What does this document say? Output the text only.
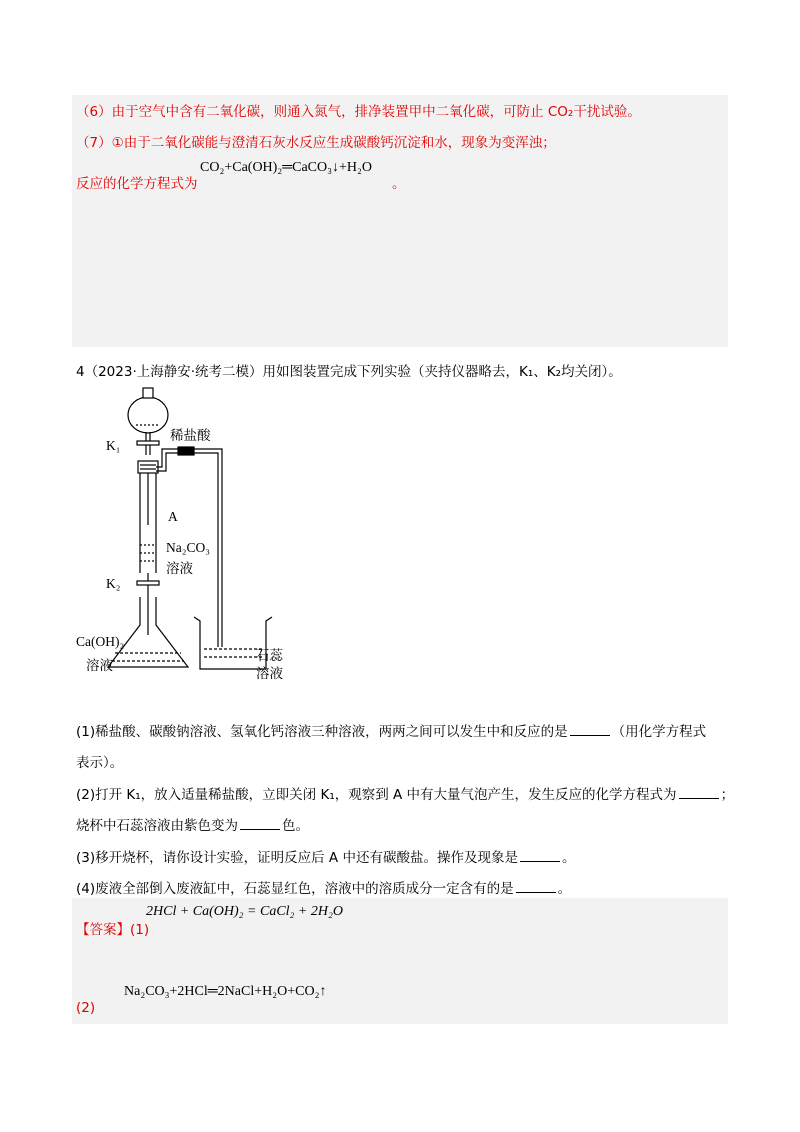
（6）由于空气中含有二氧化碳，则通入氮气，排净装置甲中二氧化碳，可防止 CO₂干扰试验。
（7）①由于二氧化碳能与澄清石灰水反应生成碳酸钙沉淀和水，现象为变浑浊；
CO₂+Ca(OH)₂═CaCO₃↓+H₂O
反应的化学方程式为	。
4（2023·上海静安·统考二模）用如图装置完成下列实验（夹持仪器略去，K₁、K₂均关闭）。
稀盐酸
K₁
A
Na₂CO₃
溶液
K₂
Ca(OH)₂
溶液
石蕊
溶液
(1)稀盐酸、碳酸钠溶液、氢氧化钙溶液三种溶液，两两之间可以发生中和反应的是	（用化学方程式
表示）。
(2)打开 K₁，放入适量稀盐酸，立即关闭 K₁，观察到 A 中有大量气泡产生，发生反应的化学方程式为	；
烧杯中石蕊溶液由紫色变为	色。
(3)移开烧杯，请你设计实验，证明反应后 A 中还有碳酸盐。操作及现象是	。
(4)废液全部倒入废液缸中，石蕊显红色，溶液中的溶质成分一定含有的是	。
【答案】(1)
2HCl + Ca(OH)₂ = CaCl₂ + 2H₂O
Na₂CO₃+2HCl═2NaCl+H₂O+CO₂↑
(2)
